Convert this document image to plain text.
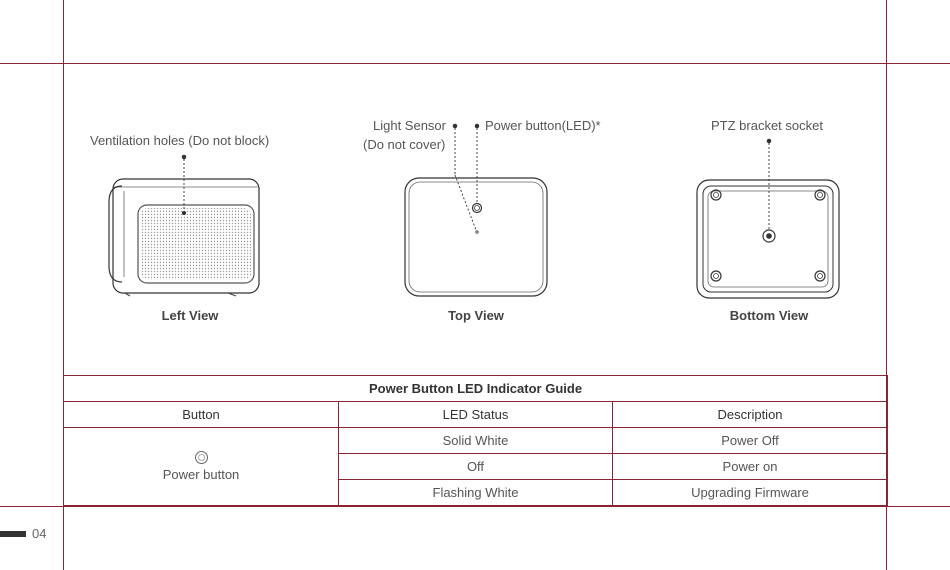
Ventilation holes (Do not block)
Light Sensor
(Do not cover)
Power button(LED)*	PTZ bracket socket
Left View	Top View	Bottom View
Power Button LED Indicator Guide		
Button	LED Status	Description

Power button	Solid White	Power Off
	Off	Power on
	Flashing White	Upgrading Firmware
04
